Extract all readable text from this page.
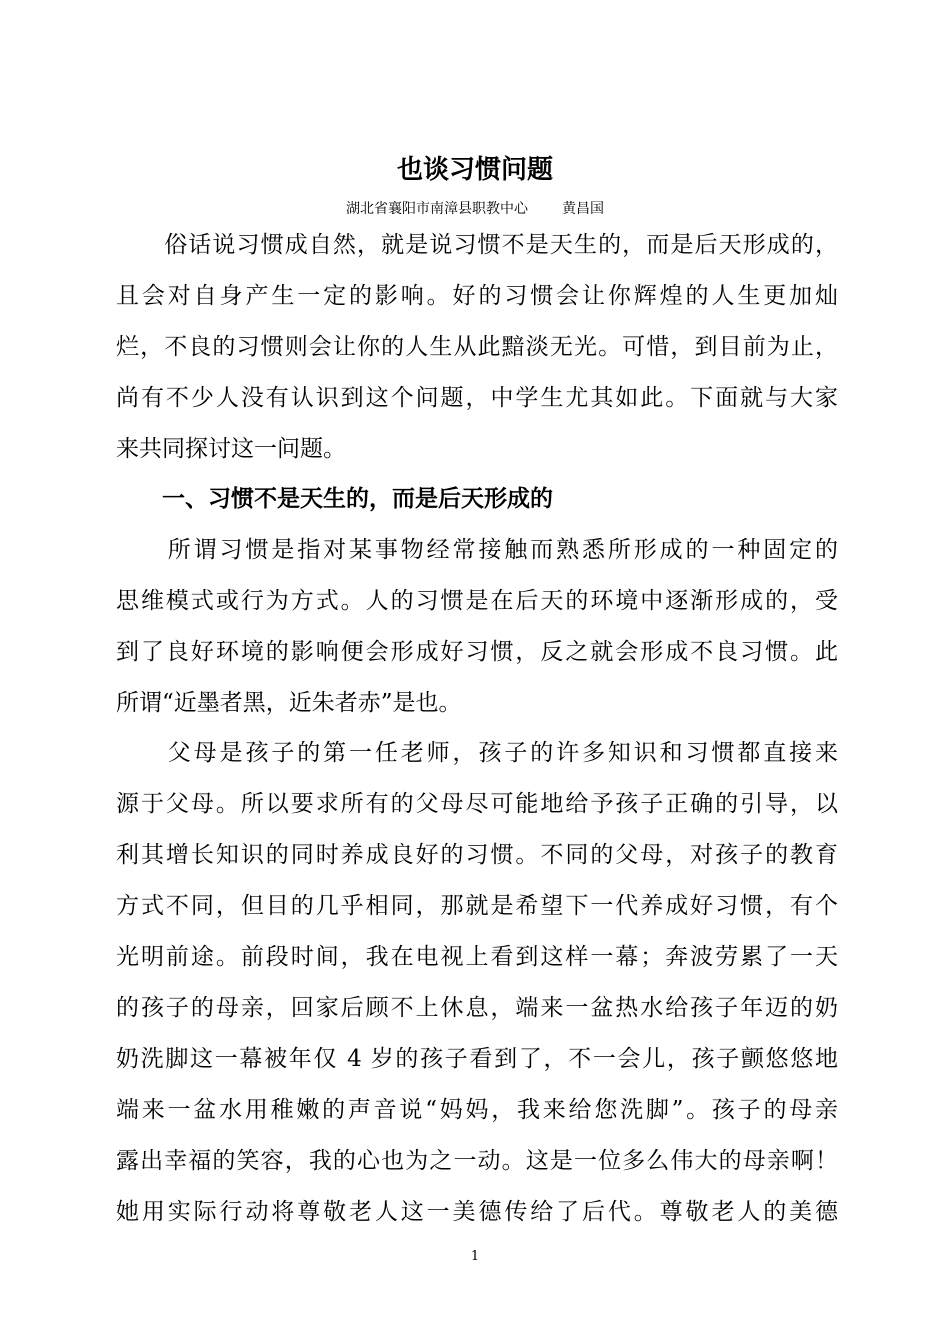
也谈习惯问题

湖北省襄阳市南漳县职教中心 黄昌国

　　俗话说习惯成自然，就是说习惯不是天生的，而是后天形成的，

且会对自身产生一定的影响。好的习惯会让你辉煌的人生更加灿

烂，不良的习惯则会让你的人生从此黯淡无光。可惜，到目前为止，

尚有不少人没有认识到这个问题，中学生尤其如此。下面就与大家

来共同探讨这一问题。

　　一、习惯不是天生的，而是后天形成的

　　所谓习惯是指对某事物经常接触而熟悉所形成的一种固定的

思维模式或行为方式。人的习惯是在后天的环境中逐渐形成的，受

到了良好环境的影响便会形成好习惯，反之就会形成不良习惯。此

所谓“近墨者黑，近朱者赤”是也。

　　父母是孩子的第一任老师，孩子的许多知识和习惯都直接来

源于父母。所以要求所有的父母尽可能地给予孩子正确的引导，以

利其增长知识的同时养成良好的习惯。不同的父母，对孩子的教育

方式不同，但目的几乎相同，那就是希望下一代养成好习惯，有个

光明前途。前段时间，我在电视上看到这样一幕；奔波劳累了一天

的孩子的母亲，回家后顾不上休息，端来一盆热水给孩子年迈的奶

奶洗脚这一幕被年仅 4 岁的孩子看到了，不一会儿，孩子颤悠悠地

端来一盆水用稚嫩的声音说“妈妈，我来给您洗脚”。孩子的母亲

露出幸福的笑容，我的心也为之一动。这是一位多么伟大的母亲啊！

她用实际行动将尊敬老人这一美德传给了后代。尊敬老人的美德

1
